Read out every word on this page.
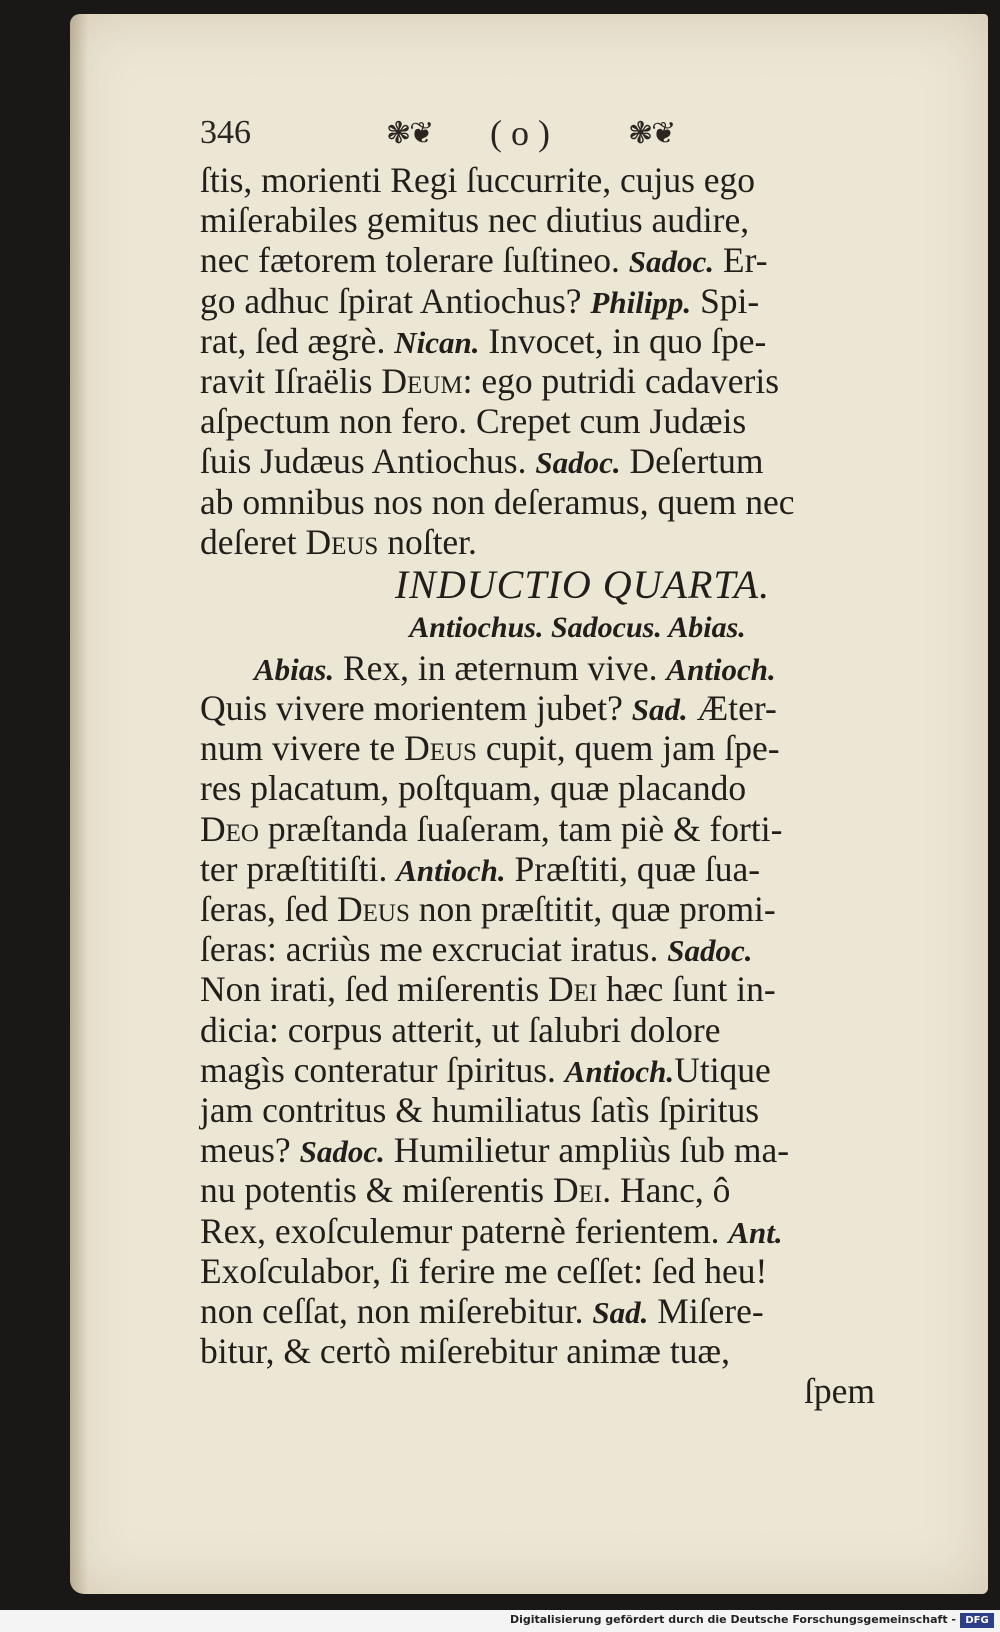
346	❃❦ ( o )	❃❦
ſtis, morienti Regi ſuccurrite, cujus ego
miſerabiles gemitus nec diutius audire,
nec fætorem tolerare ſuſtineo. Sadoc. Er-
go adhuc ſpirat Antiochus? Philipp. Spi-
rat, ſed ægrè. Nican. Invocet, in quo ſpe-
ravit Iſraëlis Deum: ego putridi cadaveris
aſpectum non fero. Crepet cum Judæis
ſuis Judæus Antiochus. Sadoc. Deſertum
ab omnibus nos non deſeramus, quem nec
deſeret Deus noſter.
INDUCTIO QUARTA.
Antiochus. Sadocus. Abias.
Abias. Rex, in æternum vive. Antioch.
Quis vivere morientem jubet? Sad. Æter-
num vivere te Deus cupit, quem jam ſpe-
res placatum, poſtquam, quæ placando
Deo præſtanda ſuaſeram, tam piè & forti-
ter præſtitiſti. Antioch. Præſtiti, quæ ſua-
ſeras, ſed Deus non præſtitit, quæ promi-
ſeras: acriùs me excruciat iratus. Sadoc.
Non irati, ſed miſerentis Dei hæc ſunt in-
dicia: corpus atterit, ut ſalubri dolore
magìs conteratur ſpiritus. Antioch.Utique
jam contritus & humiliatus ſatìs ſpiritus
meus? Sadoc. Humilietur ampliùs ſub ma-
nu potentis & miſerentis Dei. Hanc, ô
Rex, exoſculemur paternè ferientem. Ant.
Exoſculabor, ſi ferire me ceſſet: ſed heu!
non ceſſat, non miſerebitur. Sad. Miſere-
bitur, & certò miſerebitur animæ tuæ,
ſpem
Digitalisierung gefördert durch die Deutsche Forschungsgemeinschaft - DFG
